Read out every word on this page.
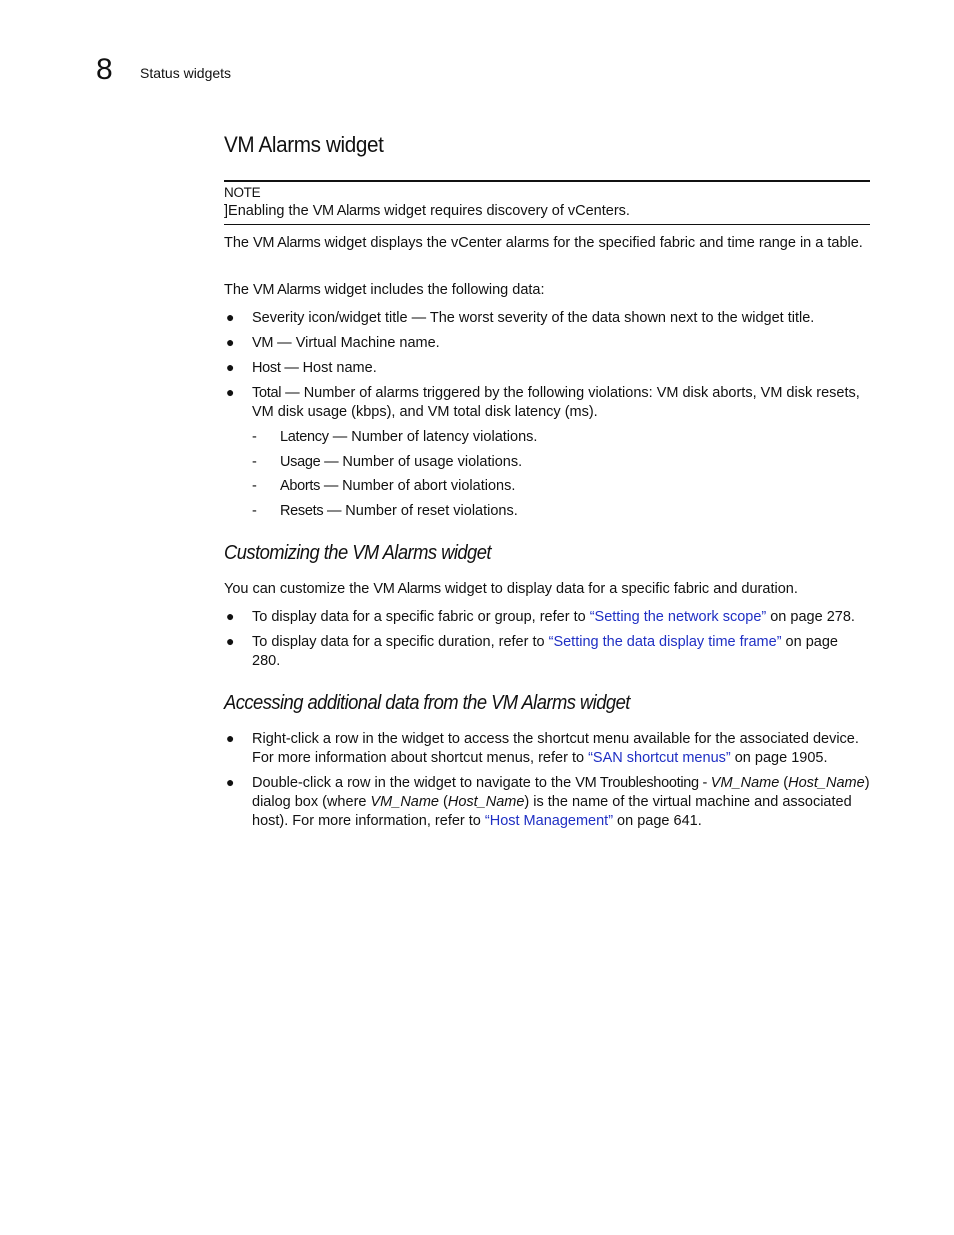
8 Status widgets
VM Alarms widget
NOTE
]Enabling the VM Alarms widget requires discovery of vCenters.

The VM Alarms widget displays the vCenter alarms for the specified fabric and time range in a table.

The VM Alarms widget includes the following data:

● Severity icon/widget title — The worst severity of the data shown next to the widget title.
● VM — Virtual Machine name.
● Host — Host name.
● Total — Number of alarms triggered by the following violations: VM disk aborts, VM disk resets, VM disk usage (kbps), and VM total disk latency (ms).
- Latency — Number of latency violations.
- Usage — Number of usage violations.
- Aborts — Number of abort violations.
- Resets — Number of reset violations.
Customizing the VM Alarms widget

You can customize the VM Alarms widget to display data for a specific fabric and duration.

● To display data for a specific fabric or group, refer to “Setting the network scope” on page 278.
● To display data for a specific duration, refer to “Setting the data display time frame” on page 280.
Accessing additional data from the VM Alarms widget
● Right-click a row in the widget to access the shortcut menu available for the associated device. For more information about shortcut menus, refer to “SAN shortcut menus” on page 1905.
● Double-click a row in the widget to navigate to the VM Troubleshooting - VM_Name (Host_Name) dialog box (where VM_Name (Host_Name) is the name of the virtual machine and associated host). For more information, refer to “Host Management” on page 641.
